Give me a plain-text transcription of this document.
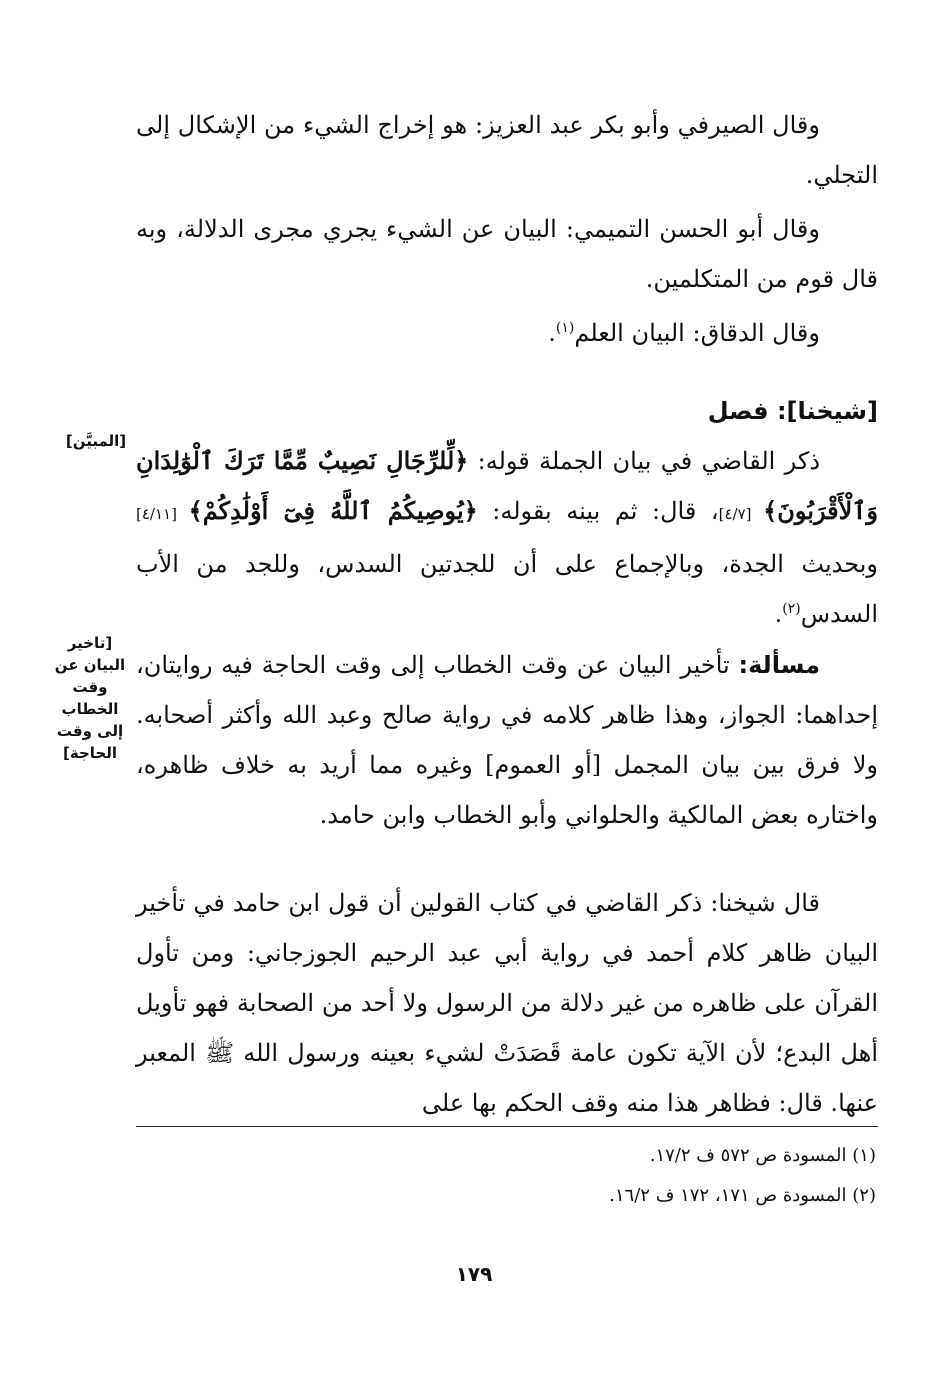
وقال الصيرفي وأبو بكر عبد العزيز: هو إخراج الشيء من الإشكال إلى التجلي.

وقال أبو الحسن التميمي: البيان عن الشيء يجري مجرى الدلالة، وبه قال قوم من المتكلمين.

وقال الدقاق: البيان العلم$^{(١)}$.

[شيخنا]: فصل

ذكر القاضي في بيان الجملة قوله: ﴿لِّلرِّجَالِ نَصِيبٌ مِّمَّا تَرَكَ ٱلْوَٰلِدَانِ وَٱلْأَقْرَبُونَ﴾ [٤/٧]، قال: ثم بينه بقوله: ﴿يُوصِيكُمُ ٱللَّهُ فِىٓ أَوْلَٰدِكُمْ﴾ [٤/١١] وبحديث الجدة، وبالإجماع على أن للجدتين السدس، وللجد من الأب السدس$^{(٢)}$.

مسألة: تأخير البيان عن وقت الخطاب إلى وقت الحاجة فيه روايتان، إحداهما: الجواز، وهذا ظاهر كلامه في رواية صالح وعبد الله وأكثر أصحابه. ولا فرق بين بيان المجمل [أو العموم] وغيره مما أريد به خلاف ظاهره، واختاره بعض المالكية والحلواني وأبو الخطاب وابن حامد.

قال شيخنا: ذكر القاضي في كتاب القولين أن قول ابن حامد في تأخير البيان ظاهر كلام أحمد في رواية أبي عبد الرحيم الجوزجاني: ومن تأول القرآن على ظاهره من غير دلالة من الرسول ولا أحد من الصحابة فهو تأويل أهل البدع؛ لأن الآية تكون عامة قَصَدَتْ لشيء بعينه ورسول الله ﷺ المعبر عنها. قال: فظاهر هذا منه وقف الحكم بها على

[المبيَّن]
[تاخير البيان عن وقت الخطاب إلى وقت الحاجة]

(١) المسودة ص ٥٧٢ ف ١٧/٢.

(٢) المسودة ص ١٧١، ١٧٢ ف ١٦/٢.

١٧٩
